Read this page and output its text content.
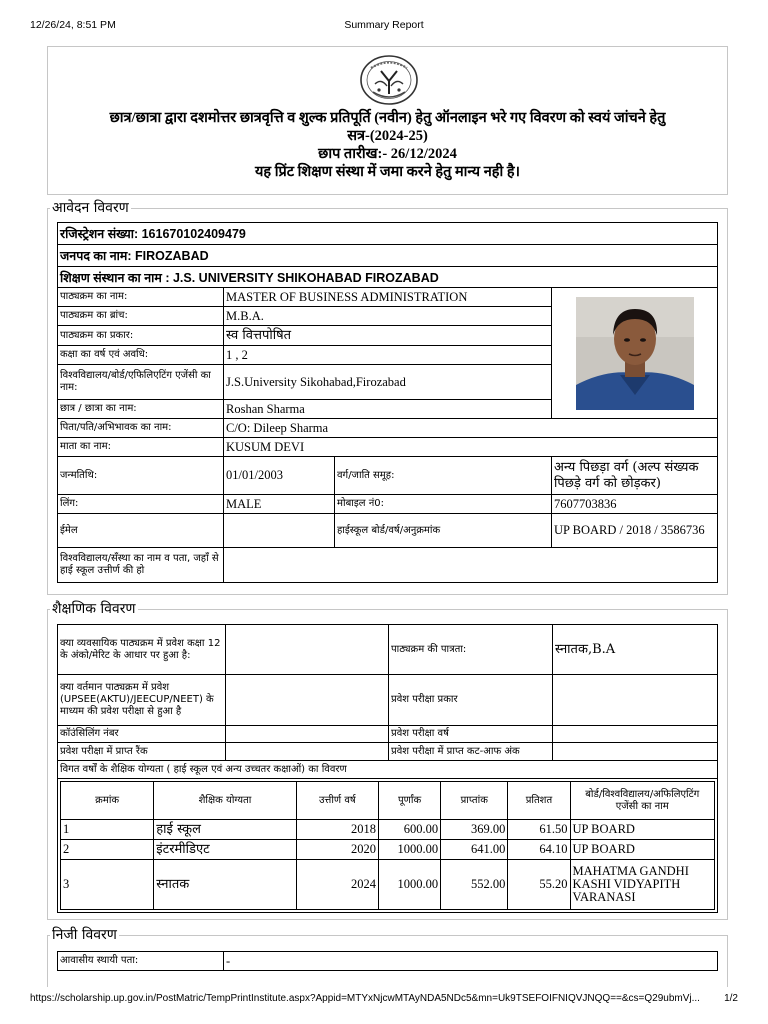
12/26/24, 8:51 PM	Summary Report
छात्र/छात्रा द्वारा दशमोत्तर छात्रवृत्ति व शुल्क प्रतिपूर्ति (नवीन) हेतु ऑनलाइन भरे गए विवरण को स्वयं जांचने हेतु
सत्र-(2024-25)
छाप तारीख:- 26/12/2024
यह प्रिंट शिक्षण संस्था में जमा करने हेतु मान्य नही है।
आवेदन विवरण
रजिस्ट्रेशन संख्या: 161670102409479			
जनपद का नाम: FIROZABAD			
शिक्षण संस्थान का नाम : J.S. UNIVERSITY SHIKOHABAD FIROZABAD			
पाठ्यक्रम का नाम:	MASTER OF BUSINESS ADMINISTRATION	
पाठ्यक्रम का ब्रांच:	M.B.A.		
पाठ्यक्रम का प्रकार:	स्व वित्तपोषित		
कक्षा का वर्ष एवं अवधि:	1 , 2		
विश्वविद्यालय/बोर्ड/एफिलिएटिंग एजेंसी का नाम:	J.S.University Sikohabad,Firozabad		
छात्र / छात्रा का नाम:	Roshan Sharma		
पिता/पति/अभिभावक का नाम:	C/O: Dileep Sharma		
माता का नाम:	KUSUM DEVI		
जन्मतिथि:	01/01/2003	वर्ग/जाति समूह:	अन्य पिछड़ा वर्ग (अल्प संख्यक पिछड़े वर्ग को छोड़कर)
लिंग:	MALE	मोबाइल नं0:	7607703836
ईमेल		हाईस्कूल बोर्ड/वर्ष/अनुक्रमांक	UP BOARD / 2018 / 3586736
विश्वविद्यालय/सँस्था का नाम व पता, जहाँ से हाई स्कूल उत्तीर्ण की हो			
शैक्षणिक विवरण
क्या व्यवसायिक पाठ्यक्रम में प्रवेश कक्षा 12 के अंको/मेरिट के आधार पर हुआ है:		पाठ्यक्रम की पात्रता:	स्नातक,B.A
क्या वर्तमान पाठ्यक्रम में प्रवेश (UPSEE(AKTU)/JEECUP/NEET) के माध्यम की प्रवेश परीक्षा से हुआ है		प्रवेश परीक्षा प्रकार	
कॉउंसिलिंग नंबर		प्रवेश परीक्षा वर्ष	
प्रवेश परीक्षा में प्राप्त रैंक		प्रवेश परीक्षा में प्राप्त कट-आफ अंक	
विगत वर्षों के शैक्षिक योग्यता ( हाई स्कूल एवं अन्य उच्चतर कक्षाओं) का विवरण

क्रमांक	शैक्षिक योग्यता	उत्तीर्ण वर्ष	पूर्णांक	प्राप्तांक	प्रतिशत	बोर्ड/विश्वविद्यालय/अफिलिएटिंग एजेंसी का नाम
1	हाई स्कूल	2018	600.00	369.00	61.50	UP BOARD
2	इंटरमीडिएट	2020	1000.00	641.00	64.10	UP BOARD
3	स्नातक	2024	1000.00	552.00	55.20	MAHATMA GANDHI KASHI VIDYAPITH VARANASI
निजी विवरण
आवासीय स्थायी पता:	-
https://scholarship.up.gov.in/PostMatric/TempPrintInstitute.aspx?Appid=MTYxNjcwMTAyNDA5NDc5&mn=Uk9TSEFOIFNIQVJNQQ==&cs=Q29ubmVj... 1/2
